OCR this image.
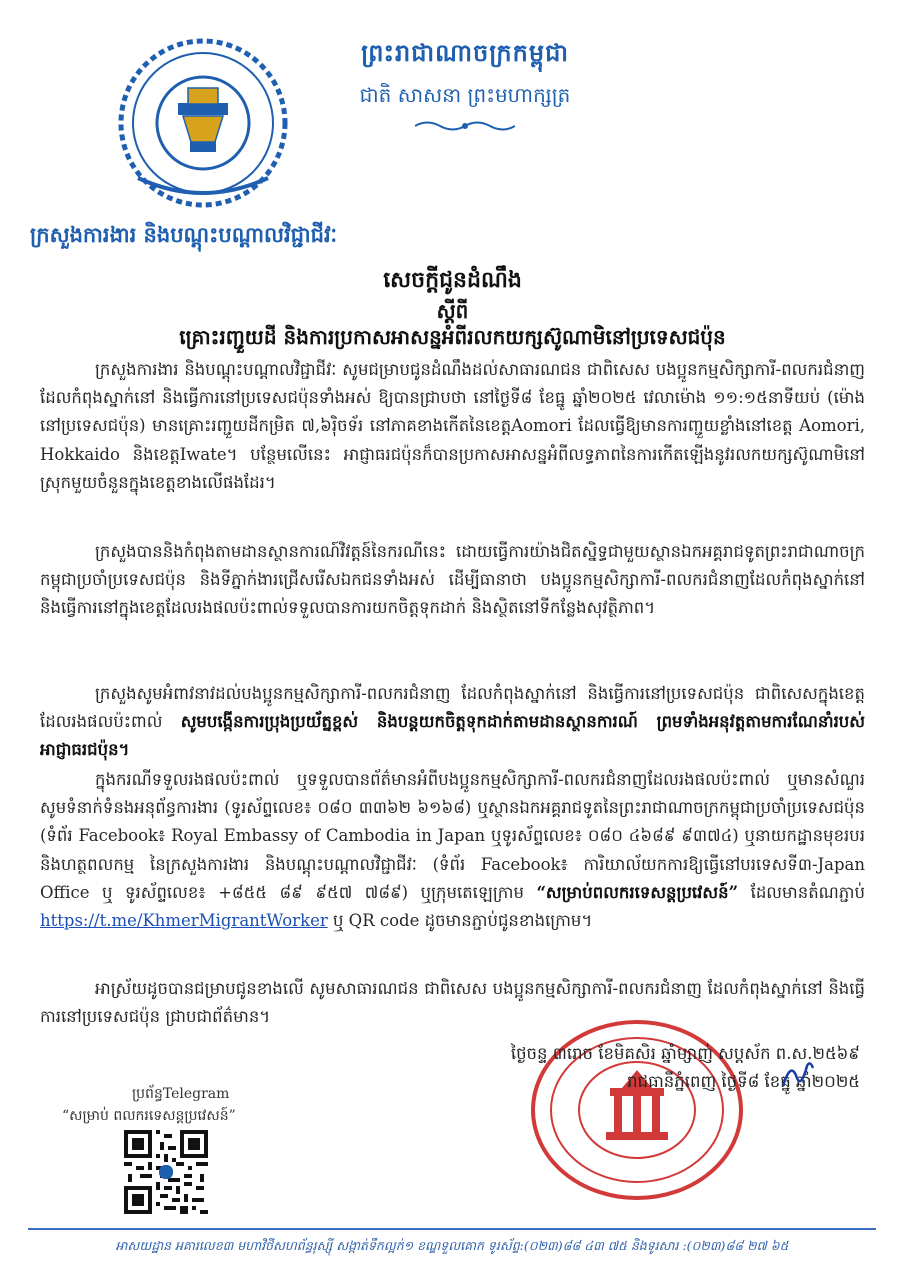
ព្រះរាជាណាចក្រកម្ពុជា
ជាតិ សាសនា ព្រះមហាក្សត្រ
ក្រសួងការងារ និងបណ្តុះបណ្តាលវិជ្ជាជីវៈ
សេចក្តីជូនដំណឹង
ស្តីពី
គ្រោះរញ្ជួយដី និងការប្រកាសអាសន្នអំពីរលកយក្សស៊ូណាមិនៅប្រទេសជប៉ុន
ក្រសួងការងារ និងបណ្តុះបណ្តាលវិជ្ជាជីវៈ សូមជម្រាបជូនដំណឹងដល់សាធារណជន ជាពិសេស បងប្អូនកម្មសិក្សាការី-ពលករជំនាញដែលកំពុងស្នាក់នៅ និងធ្វើការនៅប្រទេសជប៉ុនទាំងអស់ ឱ្យបានជ្រាបថា នៅថ្ងៃទី៨ ខែធ្នូ ឆ្នាំ២០២៥ វេលាម៉ោង ១១:១៥នាទីយប់ (ម៉ោងនៅប្រទេសជប៉ុន) មានគ្រោះរញ្ជួយដីកម្រិត ៧,៦រ៉ិចទ័រ នៅភាគខាងកើតនៃខេត្តAomori ដែលធ្វើឱ្យមានការញ្ជួយខ្លាំងនៅខេត្ត Aomori, Hokkaido និងខេត្តIwate។ បន្ថែមលើនេះ អាជ្ញាធរជប៉ុនក៏បានប្រកាសអាសន្នអំពីលទ្ធភាពនៃការកើតឡើងនូវរលកយក្សស៊ូណាមិនៅស្រុកមួយចំនួនក្នុងខេត្តខាងលើផងដែរ។
ក្រសួងបាននិងកំពុងតាមដានស្ថានការណ៍វិវត្តន៍នៃករណីនេះ ដោយធ្វើការយ៉ាងជិតស្និទ្ធជាមួយស្ថានឯកអគ្គរាជទូតព្រះរាជាណាចក្រកម្ពុជាប្រចាំប្រទេសជប៉ុន និងទីភ្នាក់ងារជ្រើសរើសឯកជនទាំងអស់ ដើម្បីធានាថា បងប្អូនកម្មសិក្សាការី-ពលករជំនាញដែលកំពុងស្នាក់នៅ និងធ្វើការនៅក្នុងខេត្តដែលរងផលប៉ះពាល់ទទួលបានការយកចិត្តទុកដាក់ និងស្ថិតនៅទីកន្លែងសុវត្ថិភាព។
ក្រសួងសូមអំពាវនាវដល់បងប្អូនកម្មសិក្សាការី-ពលករជំនាញ ដែលកំពុងស្នាក់នៅ និងធ្វើការនៅប្រទេសជប៉ុន ជាពិសេសក្នុងខេត្តដែលរងផលប៉ះពាល់ សូមបង្កើនការប្រុងប្រយ័ត្នខ្ពស់ និងបន្តយកចិត្តទុកដាក់តាមដានស្ថានការណ៍ ព្រមទាំងអនុវត្តតាមការណែនាំរបស់អាជ្ញាធរជប៉ុន។
ក្នុងករណីទទួលរងផលប៉ះពាល់ ឬទទួលបានព័ត៌មានអំពីបងប្អូនកម្មសិក្សាការី-ពលករជំនាញដែលរងផលប៉ះពាល់ ឬមានសំណួរ សូមទំនាក់ទំនងអនុព័ន្ធការងារ (ទូរស័ព្ទលេខ៖ ០៨០ ៣៣៦២ ៦១៦៨) ឬស្ថានឯកអគ្គរាជទូតនៃព្រះរាជាណាចក្រកម្ពុជាប្រចាំប្រទេសជប៉ុន (ទំព័រ Facebook៖ Royal Embassy of Cambodia in Japan ឬទូរស័ព្ទលេខ៖ ០៨០ ៤៦៨៩ ៩៣៧៤) ឬនាយកដ្ឋានមុខរបរ និងហត្ថពលកម្ម នៃក្រសួងការងារ និងបណ្តុះបណ្តាលវិជ្ជាជីវៈ (ទំព័រ Facebook៖ ការិយាល័យកការឱ្យធ្វើនៅបរទេសទី៣-Japan Office ឬ ទូរស័ព្ទលេខ៖ +៨៥៥ ៨៩ ៩៥៧ ៧៨៩) ឬក្រុមតេឡេក្រាម “សម្រាប់ពលករទេសន្តប្រវេសន៍” ដែលមានតំណភ្ជាប់ https://t.me/KhmerMigrantWorker ឬ QR code ដូចមានភ្ជាប់ជូនខាងក្រោម។
អាស្រ័យដូចបានជម្រាបជូនខាងលើ សូមសាធារណជន ជាពិសេស បងប្អូនកម្មសិក្សាការី-ពលករជំនាញ ដែលកំពុងស្នាក់នៅ និងធ្វើការនៅប្រទេសជប៉ុន ជ្រាបជាព័ត៌មាន។
ថ្ងៃចន្ទ ៣រោច ខែមិគសិរ ឆ្នាំម្សាញ់ សប្តស័ក ព.ស.២៥៦៩
រាជធានីភ្នំពេញ ថ្ងៃទី៨ ខែធ្នូ ឆ្នាំ២០២៥
ប្រព័ន្ធTelegram
“សម្រាប់ ពលករទេសន្តប្រវេសន៍”
អាសយដ្ឋាន អគារលេខ៣ មហាវិថីសហព័ន្ធរុស្ស៊ី សង្កាត់ទឹកល្អក់១ ខណ្ឌទួលគោក ទូរស័ព្ទ:(០២៣)៨៨ ៤៣ ៧៥ និងទូរសារ :(០២៣)៨៨ ២៧ ៦៥
